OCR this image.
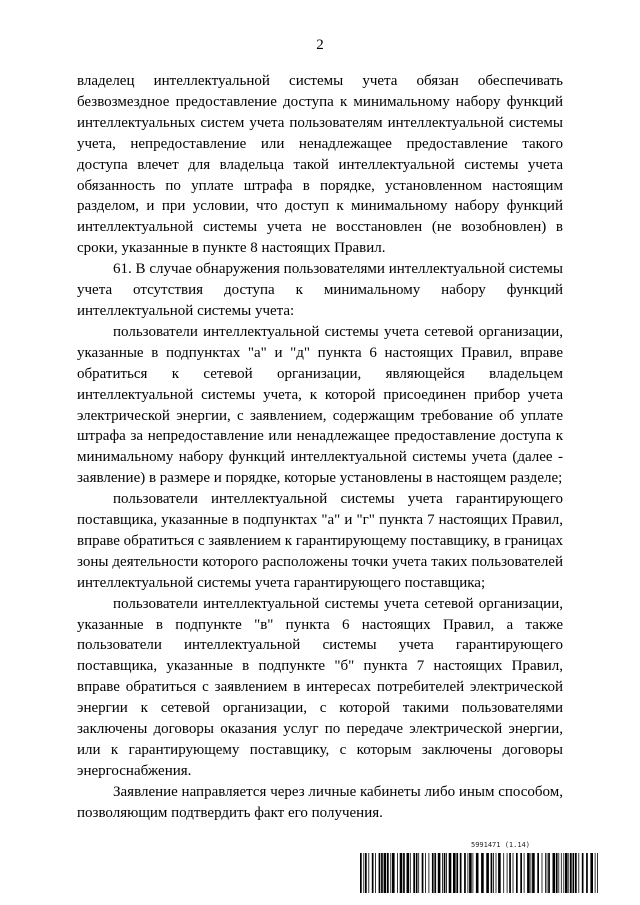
2

владелец интеллектуальной системы учета обязан обеспечивать безвозмездное предоставление доступа к минимальному набору функций интеллектуальных систем учета пользователям интеллектуальной системы учета, непредоставление или ненадлежащее предоставление такого доступа влечет для владельца такой интеллектуальной системы учета обязанность по уплате штрафа в порядке, установленном настоящим разделом, и при условии, что доступ к минимальному набору функций интеллектуальной системы учета не восстановлен (не возобновлен) в сроки, указанные в пункте 8 настоящих Правил.

61. В случае обнаружения пользователями интеллектуальной системы учета отсутствия доступа к минимальному набору функций интеллектуальной системы учета:

пользователи интеллектуальной системы учета сетевой организации, указанные в подпунктах "а" и "д" пункта 6 настоящих Правил, вправе обратиться к сетевой организации, являющейся владельцем интеллектуальной системы учета, к которой присоединен прибор учета электрической энергии, с заявлением, содержащим требование об уплате штрафа за непредоставление или ненадлежащее предоставление доступа к минимальному набору функций интеллектуальной системы учета (далее - заявление) в размере и порядке, которые установлены в настоящем разделе;

пользователи интеллектуальной системы учета гарантирующего поставщика, указанные в подпунктах "а" и "г" пункта 7 настоящих Правил, вправе обратиться с заявлением к гарантирующему поставщику, в границах зоны деятельности которого расположены точки учета таких пользователей интеллектуальной системы учета гарантирующего поставщика;

пользователи интеллектуальной системы учета сетевой организации, указанные в подпункте "в" пункта 6 настоящих Правил, а также пользователи интеллектуальной системы учета гарантирующего поставщика, указанные в подпункте "б" пункта 7 настоящих Правил, вправе обратиться с заявлением в интересах потребителей электрической энергии к сетевой организации, с которой такими пользователями заключены договоры оказания услуг по передаче электрической энергии, или к гарантирующему поставщику, с которым заключены договоры энергоснабжения.

Заявление направляется через личные кабинеты либо иным способом, позволяющим подтвердить факт его получения.

5991471 (1.14)
